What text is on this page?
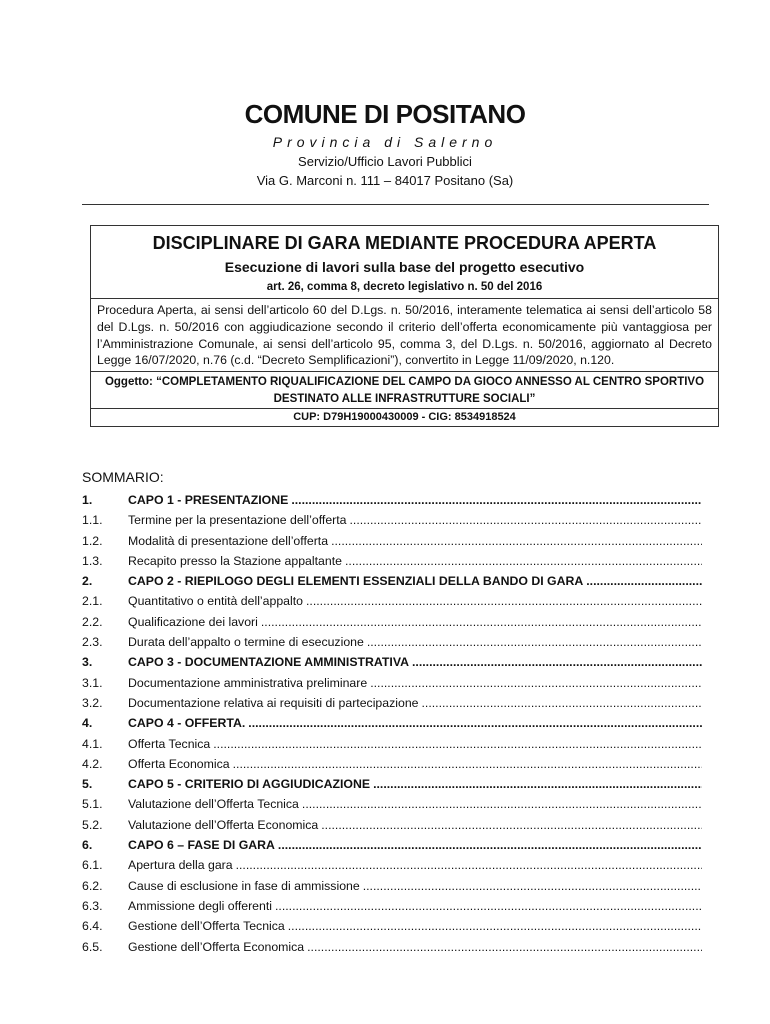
COMUNE DI POSITANO
Provincia di Salerno
Servizio/Ufficio Lavori Pubblici
Via G. Marconi n. 111 – 84017 Positano (Sa)
DISCIPLINARE DI GARA MEDIANTE PROCEDURA APERTA
Esecuzione di lavori sulla base del progetto esecutivo
art. 26, comma 8, decreto legislativo n. 50 del 2016
Procedura Aperta, ai sensi dell’articolo 60 del D.Lgs. n. 50/2016, interamente telematica ai sensi dell’articolo 58 del D.Lgs. n. 50/2016 con aggiudicazione secondo il criterio dell’offerta economicamente più vantaggiosa per l’Amministrazione Comunale, ai sensi dell’articolo 95, comma 3, del D.Lgs. n. 50/2016, aggiornato al Decreto Legge 16/07/2020, n.76 (c.d. “Decreto Semplificazioni”), convertito in Legge 11/09/2020, n.120.
Oggetto: “COMPLETAMENTO RIQUALIFICAZIONE DEL CAMPO DA GIOCO ANNESSO AL CENTRO SPORTIVO DESTINATO ALLE INFRASTRUTTURE SOCIALI”
CUP: D79H19000430009 - CIG: 8534918524
SOMMARIO:
1.	CAPO 1 - PRESENTAZIONE
.....
1.1.	Termine per la presentazione dell’offerta
.....
1.2.	Modalità di presentazione dell’offerta
.....
1.3.	Recapito presso la Stazione appaltante
.....
2.	CAPO 2 - RIEPILOGO DEGLI ELEMENTI ESSENZIALI DELLA BANDO DI GARA
.....
2.1.	Quantitativo o entità dell’appalto
.....
2.2.	Qualificazione dei lavori
.....
2.3.	Durata dell’appalto o termine di esecuzione
.....
3.	CAPO 3 - DOCUMENTAZIONE AMMINISTRATIVA
.....
3.1.	Documentazione amministrativa preliminare
.....
3.2.	Documentazione relativa ai requisiti di partecipazione
.....
4.	CAPO 4 - OFFERTA.
.....
4.1.	Offerta Tecnica
.....
4.2.	Offerta Economica
.....
5.	CAPO 5 - CRITERIO DI AGGIUDICAZIONE
.....
5.1.	Valutazione dell’Offerta Tecnica
.....
5.2.	Valutazione dell’Offerta Economica
.....
6.	CAPO 6 – FASE DI GARA
.....
6.1.	Apertura della gara
.....
6.2.	Cause di esclusione in fase di ammissione
.....
6.3.	Ammissione degli offerenti
.....
6.4.	Gestione dell’Offerta Tecnica
.....
6.5.	Gestione dell’Offerta Economica
.....
